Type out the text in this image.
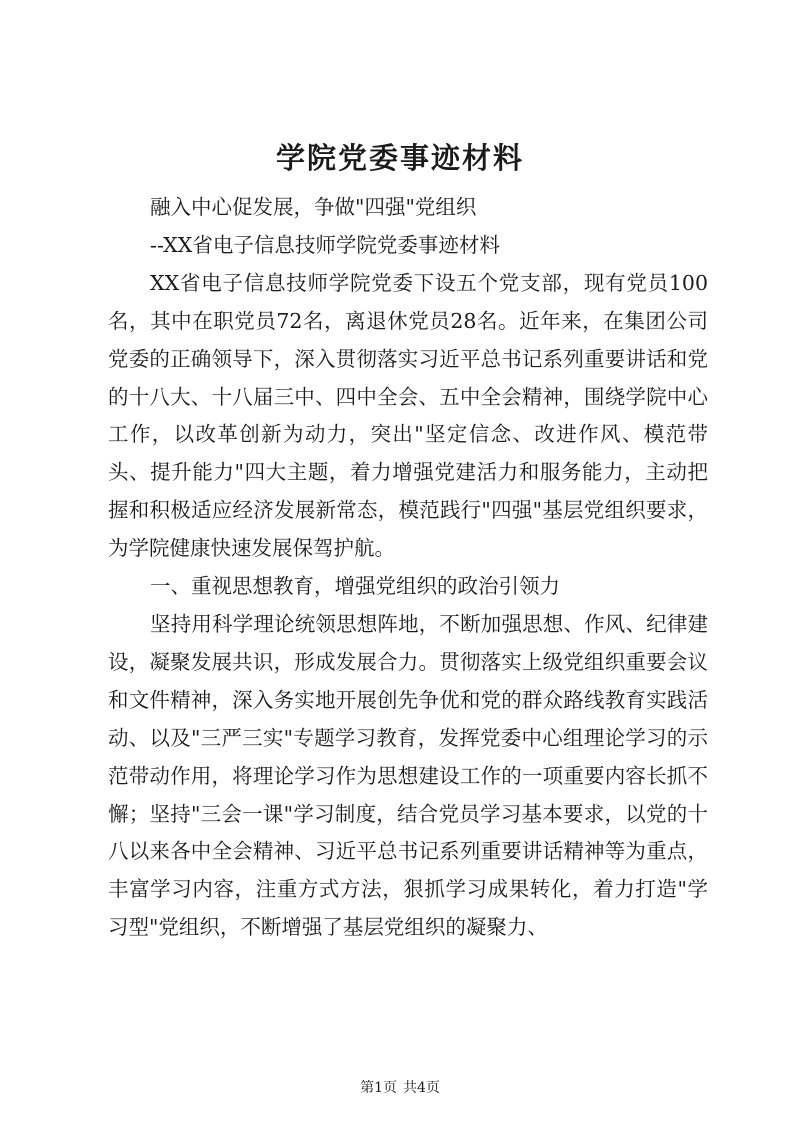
学院党委事迹材料

融入中心促发展，争做"四强"党组织

--XX省电子信息技师学院党委事迹材料

XX省电子信息技师学院党委下设五个党支部，现有党员100名，其中在职党员72名，离退休党员28名。近年来，在集团公司党委的正确领导下，深入贯彻落实习近平总书记系列重要讲话和党的十八大、十八届三中、四中全会、五中全会精神，围绕学院中心工作，以改革创新为动力，突出"坚定信念、改进作风、模范带头、提升能力"四大主题，着力增强党建活力和服务能力，主动把握和积极适应经济发展新常态，模范践行"四强"基层党组织要求，为学院健康快速发展保驾护航。

一、重视思想教育，增强党组织的政治引领力

坚持用科学理论统领思想阵地，不断加强思想、作风、纪律建设，凝聚发展共识，形成发展合力。贯彻落实上级党组织重要会议和文件精神，深入务实地开展创先争优和党的群众路线教育实践活动、以及"三严三实"专题学习教育，发挥党委中心组理论学习的示范带动作用，将理论学习作为思想建设工作的一项重要内容长抓不懈；坚持"三会一课"学习制度，结合党员学习基本要求，以党的十八以来各中全会精神、习近平总书记系列重要讲话精神等为重点，丰富学习内容，注重方式方法，狠抓学习成果转化，着力打造"学习型"党组织，不断增强了基层党组织的凝聚力、

第1页 共4页
